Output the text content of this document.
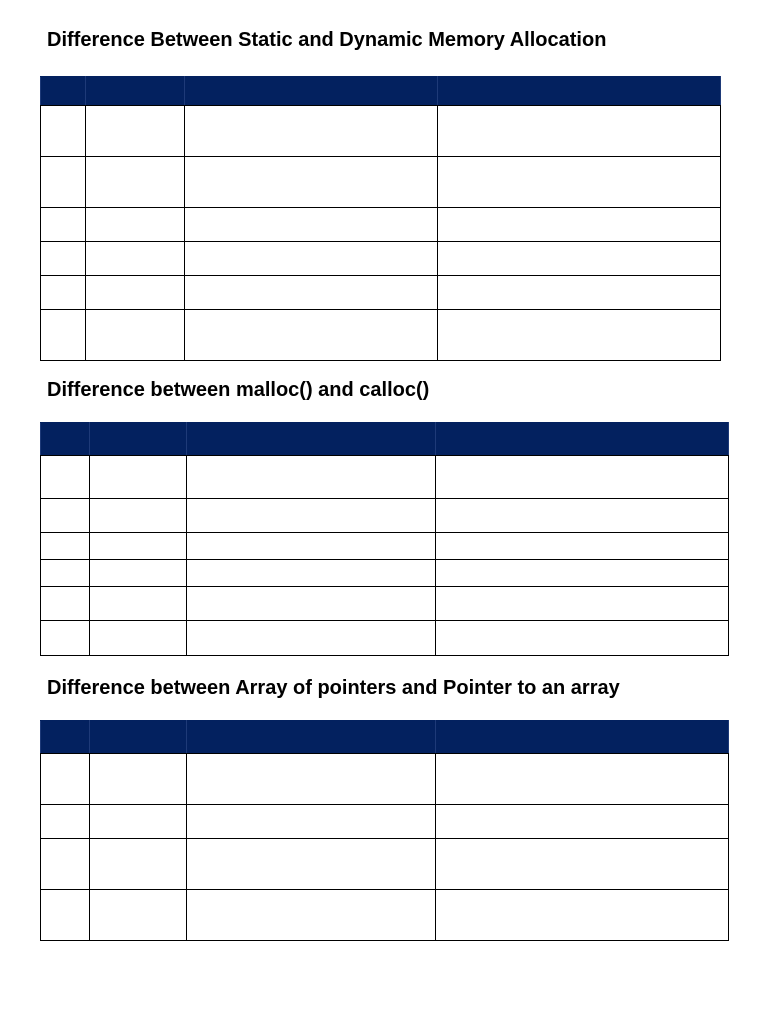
Difference Between Static and Dynamic Memory Allocation

Difference between malloc() and calloc()

Difference between Array of pointers and Pointer to an array
